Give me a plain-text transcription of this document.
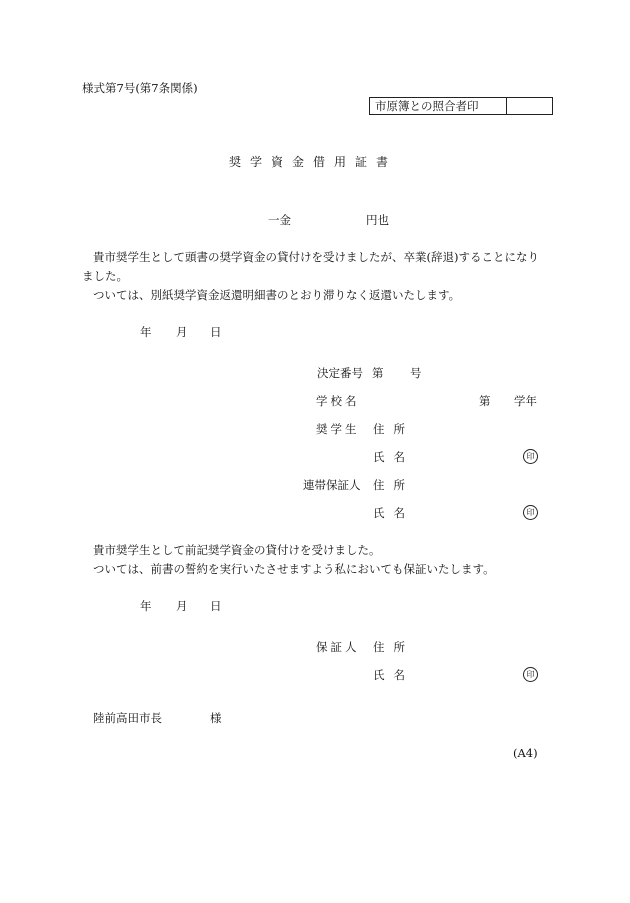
様式第7号(第7条関係)
市原簿との照合者印
奨学資金借用証書
一金	円也
貴市奨学生として頭書の奨学資金の貸付けを受けましたが、卒業(辞退)することになり
ました。
ついては、別紙奨学資金返還明細書のとおり滞りなく返還いたします。
年 月 日
決定番号 第 号
学校名	第 学年
奨学生 住所
氏名	印
連帯保証人 住所
氏名	印
貴市奨学生として前記奨学資金の貸付けを受けました。
ついては、前書の誓約を実行いたさせますよう私においても保証いたします。
年 月 日
保証人 住所
氏名	印
陸前高田市長	様
(A4)
